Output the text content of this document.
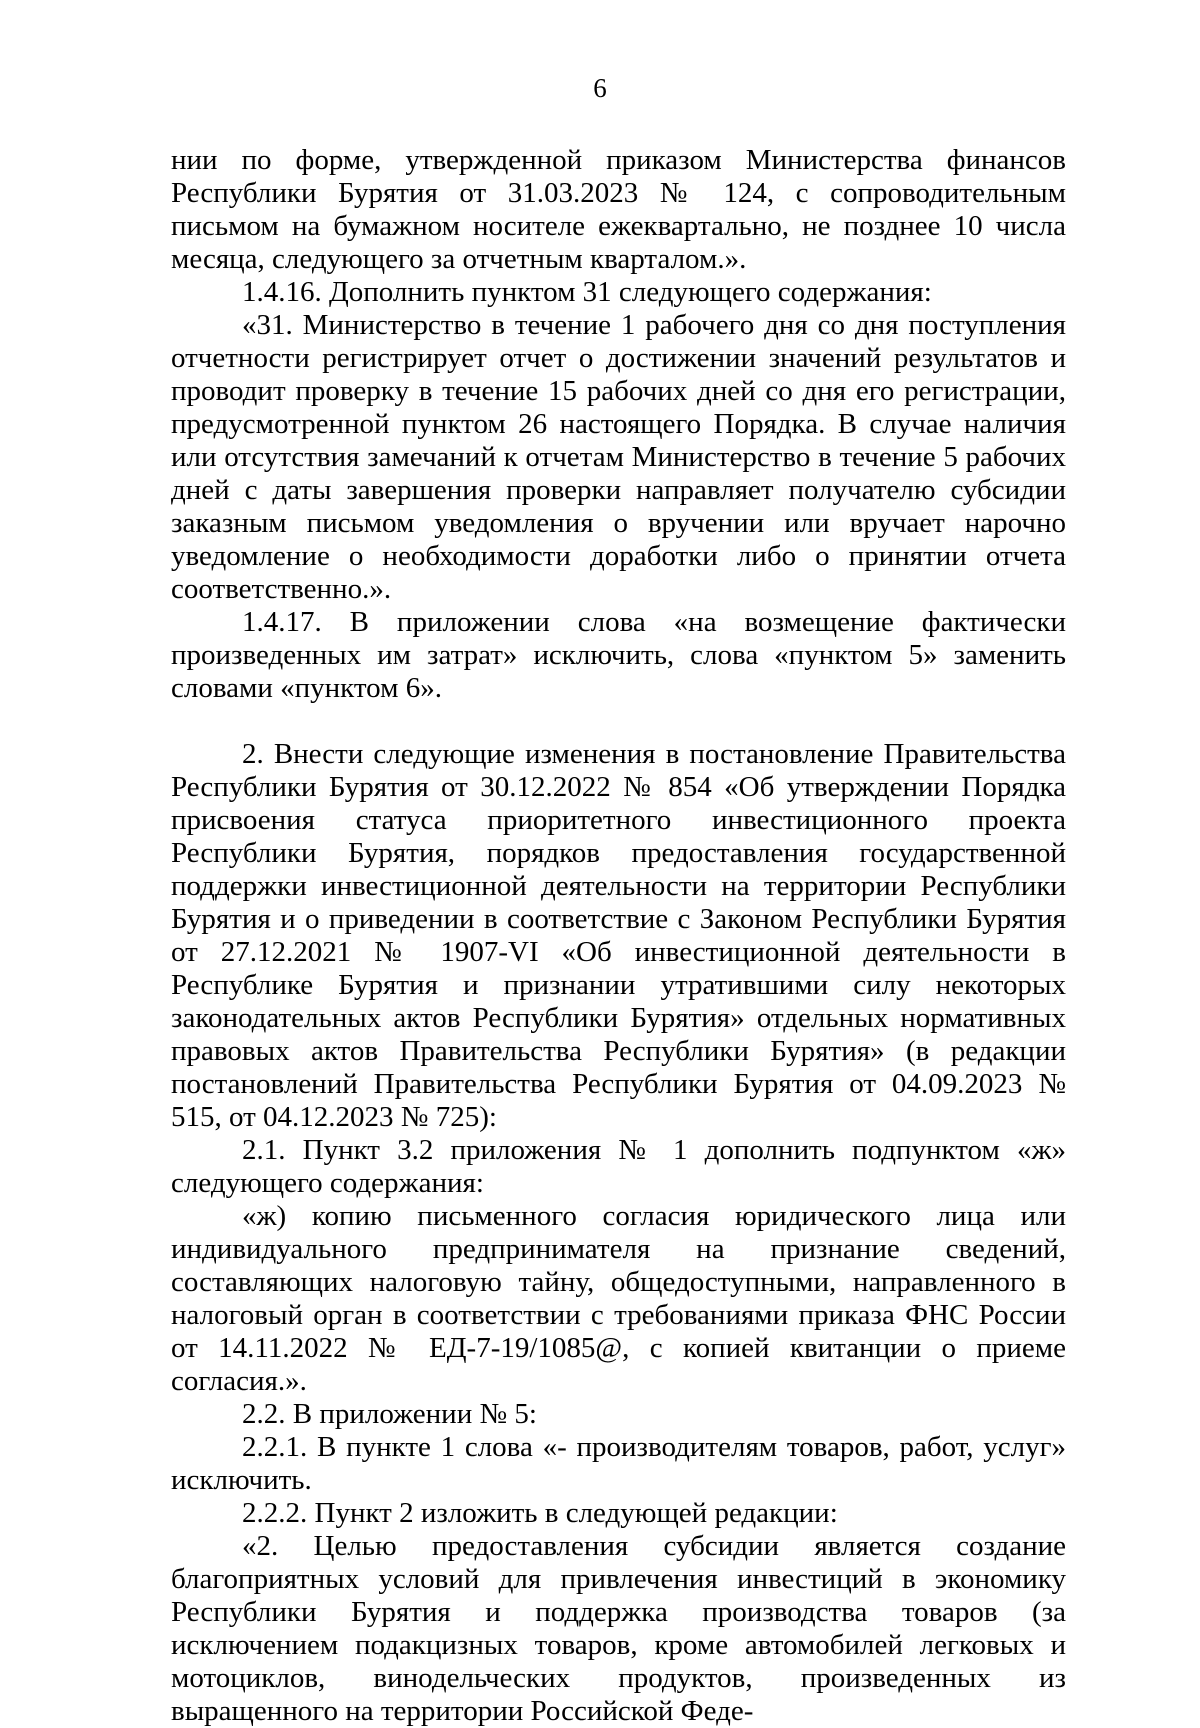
6

нии по форме, утвержденной приказом Министерства финансов Республики Бурятия от 31.03.2023 № 124, с сопроводительным письмом на бумажном носителе ежеквартально, не позднее 10 числа месяца, следующего за отчетным кварталом.».

1.4.16. Дополнить пунктом 31 следующего содержания:

«31. Министерство в течение 1 рабочего дня со дня поступления отчетности регистрирует отчет о достижении значений результатов и проводит проверку в течение 15 рабочих дней со дня его регистрации, предусмотренной пунктом 26 настоящего Порядка. В случае наличия или отсутствия замечаний к отчетам Министерство в течение 5 рабочих дней с даты завершения проверки направляет получателю субсидии заказным письмом уведомления о вручении или вручает нарочно уведомление о необходимости доработки либо о принятии отчета соответственно.».

1.4.17. В приложении слова «на возмещение фактически произведенных им затрат» исключить, слова «пунктом 5» заменить словами «пунктом 6».

2. Внести следующие изменения в постановление Правительства Республики Бурятия от 30.12.2022 № 854 «Об утверждении Порядка присвоения статуса приоритетного инвестиционного проекта Республики Бурятия, порядков предоставления государственной поддержки инвестиционной деятельности на территории Республики Бурятия и о приведении в соответствие с Законом Республики Бурятия от 27.12.2021 № 1907-VI «Об инвестиционной деятельности в Республике Бурятия и признании утратившими силу некоторых законодательных актов Республики Бурятия» отдельных нормативных правовых актов Правительства Республики Бурятия» (в редакции постановлений Правительства Республики Бурятия от 04.09.2023 № 515, от 04.12.2023 № 725):

2.1. Пункт 3.2 приложения № 1 дополнить подпунктом «ж» следующего содержания:

«ж) копию письменного согласия юридического лица или индивидуального предпринимателя на признание сведений, составляющих налоговую тайну, общедоступными, направленного в налоговый орган в соответствии с требованиями приказа ФНС России от 14.11.2022 № ЕД-7-19/1085@, с копией квитанции о приеме согласия.».

2.2. В приложении № 5:

2.2.1. В пункте 1 слова «- производителям товаров, работ, услуг» исключить.

2.2.2. Пункт 2 изложить в следующей редакции:

«2. Целью предоставления субсидии является создание благоприятных условий для привлечения инвестиций в экономику Республики Бурятия и поддержка производства товаров (за исключением подакцизных товаров, кроме автомобилей легковых и мотоциклов, винодельческих продуктов, произведенных из выращенного на территории Российской Феде-
